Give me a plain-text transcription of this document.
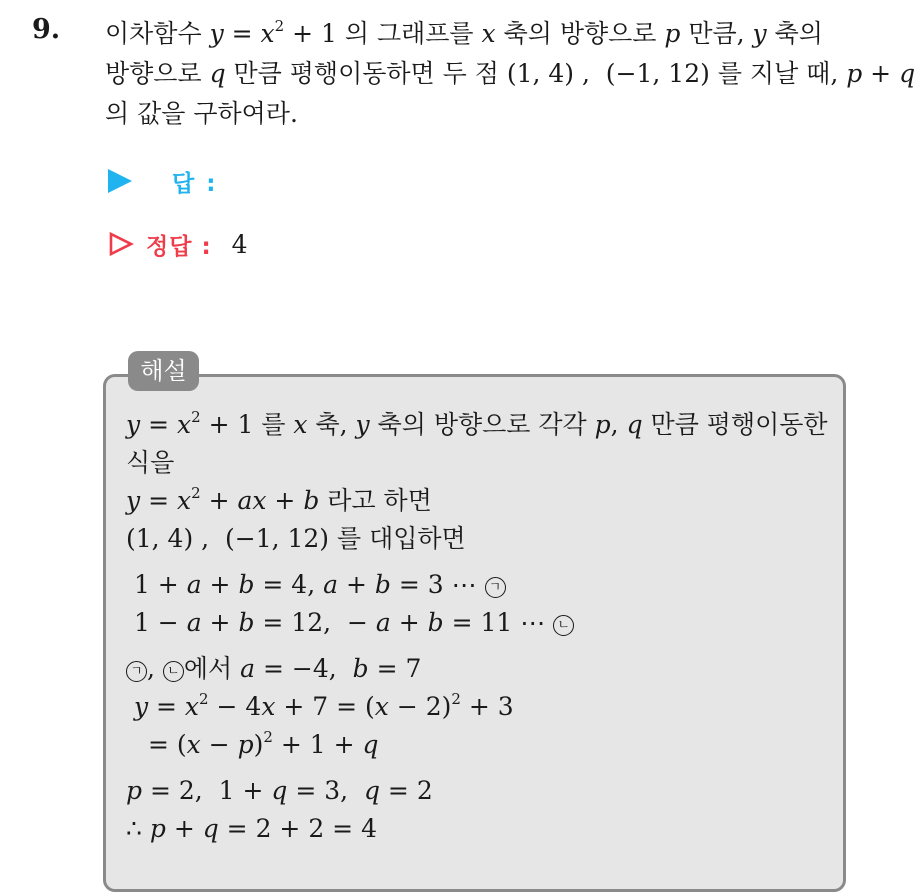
9. 이차함수 $y = x^2 + 1$ 의 그래프를 x 축의 방향으로 p 만큼, y 축의

방향으로 q 만큼 평행이동하면 두 점 (1, 4) ,  (−1, 12) 를 지날 때, p + q

의 값을 구하여라.

답 :
정답 : 4
해설

$y = x^2 + 1$ 를 x 축, y 축의 방향으로 각각 p, q 만큼 평행이동한

식을

$y = x^2$ + ax + b 라고 하면

(1, 4) ,  (−1, 12) 를 대입하면

1 + a + b = 4, a + b = 3 ⋯ ㄱ

1 − a + b = 12,  − a + b = 11 ⋯ ㄴ

ㄱ , ㄴ 에서 a = −4,  b = 7

$y = x^2 - 4x + 7 = (x - 2)^2 + 3$

= $(x - p)^2 + 1 + q$

p = 2,  1 + q = 3,  q = 2

∴ p + q = 2 + 2 = 4
